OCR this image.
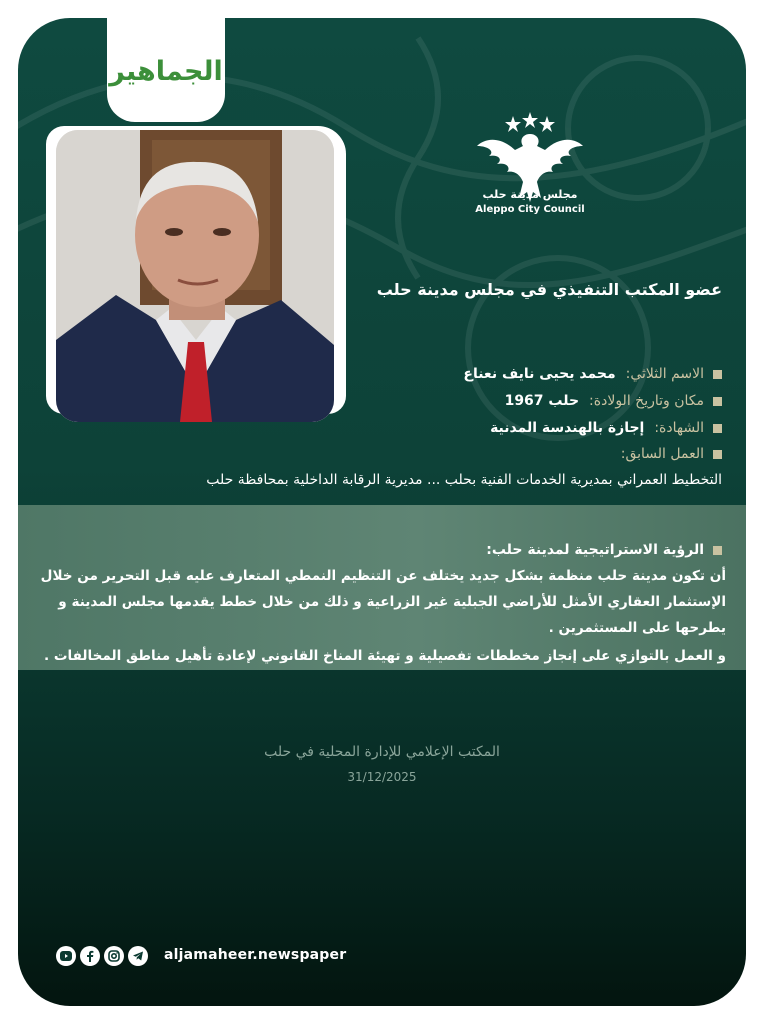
الجماهير
مجلس مدينة حلب
Aleppo City Council
عضو المكتب التنفيذي في مجلس مدينة حلب
الاسم الثلاثي:محمد يحيى نايف نعناع
مكان وتاريخ الولادة:حلب 1967
الشهادة:إجازة بالهندسة المدنية
العمل السابق:
التخطيط العمراني بمديرية الخدمات الفنية بحلب ... مديرية الرقابة الداخلية بمحافظة حلب
الرؤية الاستراتيجية لمدينة حلب:
أن تكون مدينة حلب منظمة بشكل جديد يختلف عن التنظيم النمطي المتعارف عليه قبل التحرير من خلال
الإستثمار العقاري الأمثل للأراضي الجبلية غير الزراعية و ذلك من خلال خطط يقدمها مجلس المدينة و
يطرحها على المستثمرين .
و العمل بالتوازي على إنجاز مخططات تفصيلية و تهيئة المناخ القانوني لإعادة تأهيل مناطق المخالفات .
المكتب الإعلامي للإدارة المحلية في حلب
31/12/2025
aljamaheer.newspaper
